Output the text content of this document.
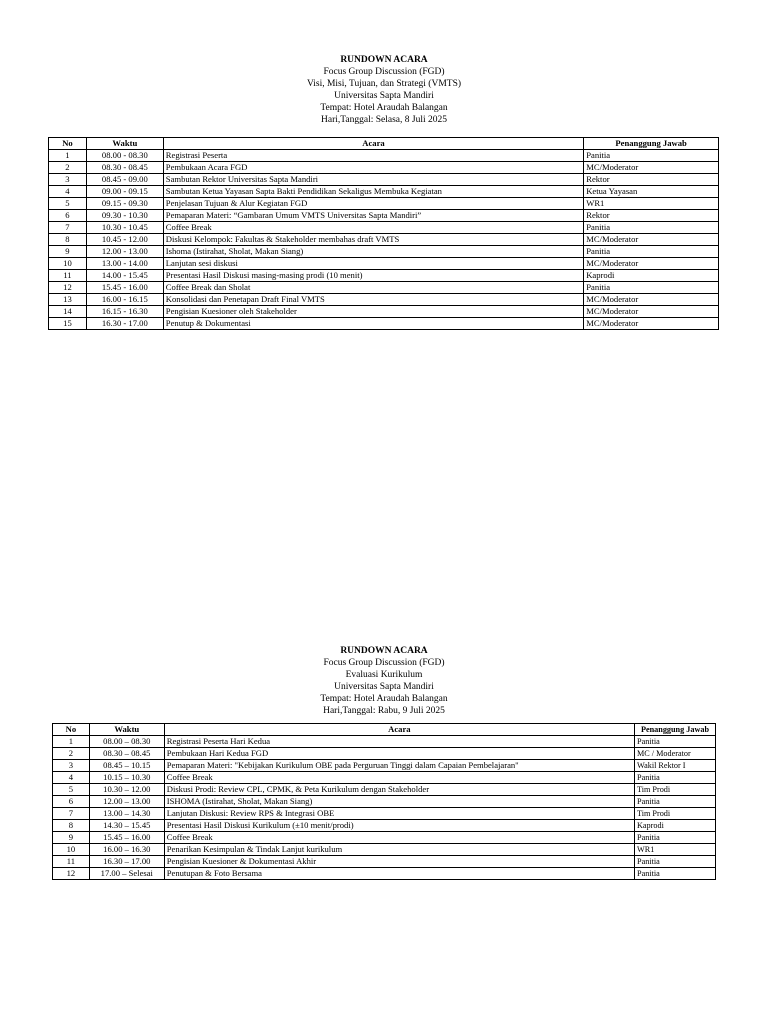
RUNDOWN ACARA
Focus Group Discussion (FGD)
Visi, Misi, Tujuan, dan Strategi (VMTS)
Universitas Sapta Mandiri
Tempat: Hotel Araudah Balangan
Hari,Tanggal: Selasa, 8 Juli 2025
No	Waktu	Acara	Penanggung Jawab
1	08.00 - 08.30	Registrasi Peserta	Panitia
2	08.30 - 08.45	Pembukaan Acara FGD	MC/Moderator
3	08.45 - 09.00	Sambutan Rektor Universitas Sapta Mandiri	Rektor
4	09.00 - 09.15	Sambutan Ketua Yayasan Sapta Bakti Pendidikan Sekaligus Membuka Kegiatan	Ketua Yayasan
5	09.15 - 09.30	Penjelasan Tujuan & Alur Kegiatan FGD	WR1
6	09.30 - 10.30	Pemaparan Materi: “Gambaran Umum VMTS Universitas Sapta Mandiri”	Rektor
7	10.30 - 10.45	Coffee Break	Panitia
8	10.45 - 12.00	Diskusi Kelompok: Fakultas & Stakeholder membahas draft VMTS	MC/Moderator
9	12.00 - 13.00	Ishoma (Istirahat, Sholat, Makan Siang)	Panitia
10	13.00 - 14.00	Lanjutan sesi diskusi	MC/Moderator
11	14.00 - 15.45	Presentasi Hasil Diskusi masing-masing prodi (10 menit)	Kaprodi
12	15.45 - 16.00	Coffee Break dan Sholat	Panitia
13	16.00 - 16.15	Konsolidasi dan Penetapan Draft Final VMTS	MC/Moderator
14	16.15 - 16.30	Pengisian Kuesioner oleh Stakeholder	MC/Moderator
15	16.30 - 17.00	Penutup & Dokumentasi	MC/Moderator
RUNDOWN ACARA
Focus Group Discussion (FGD)
Evaluasi Kurikulum
Universitas Sapta Mandiri
Tempat: Hotel Araudah Balangan
Hari,Tanggal: Rabu, 9 Juli 2025
No	Waktu	Acara	Penanggung Jawab
1	08.00 – 08.30	Registrasi Peserta Hari Kedua	Panitia
2	08.30 – 08.45	Pembukaan Hari Kedua FGD	MC / Moderator
3	08.45 – 10.15	Pemaparan Materi: "Kebijakan Kurikulum OBE pada Perguruan Tinggi dalam Capaian Pembelajaran"	Wakil Rektor I
4	10.15 – 10.30	Coffee Break	Panitia
5	10.30 – 12.00	Diskusi Prodi: Review CPL, CPMK, & Peta Kurikulum dengan Stakeholder	Tim Prodi
6	12.00 – 13.00	ISHOMA (Istirahat, Sholat, Makan Siang)	Panitia
7	13.00 – 14.30	Lanjutan Diskusi: Review RPS & Integrasi OBE	Tim Prodi
8	14.30 – 15.45	Presentasi Hasil Diskusi Kurikulum (±10 menit/prodi)	Kaprodi
9	15.45 – 16.00	Coffee Break	Panitia
10	16.00 – 16.30	Penarikan Kesimpulan & Tindak Lanjut kurikulum	WR1
11	16.30 – 17.00	Pengisian Kuesioner & Dokumentasi Akhir	Panitia
12	17.00 – Selesai	Penutupan & Foto Bersama	Panitia
